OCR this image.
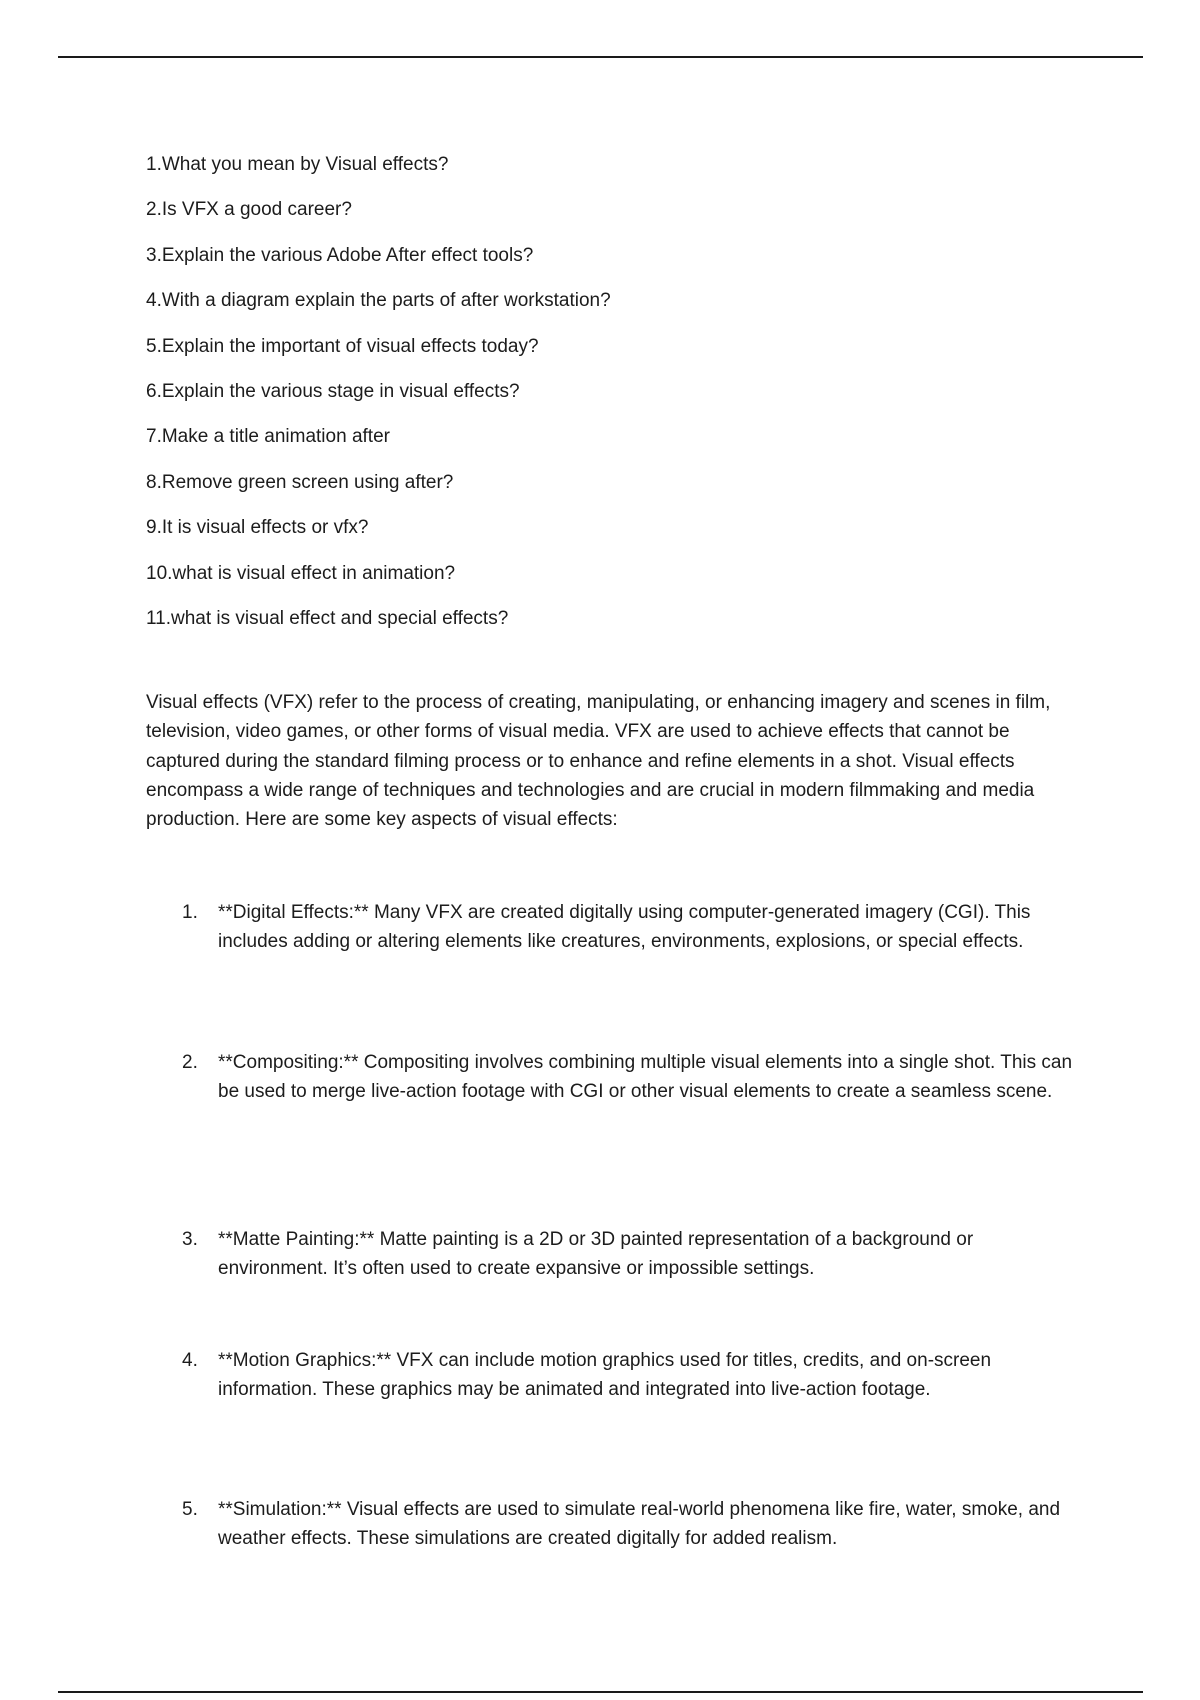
1.What you mean by Visual effects?
2.Is VFX a good career?
3.Explain the various Adobe After effect tools?
4.With a diagram explain the parts of after workstation?
5.Explain the important of visual effects today?
6.Explain the various stage in visual effects?
7.Make a title animation after
8.Remove green screen using after?
9.It is visual effects or vfx?
10.what is visual effect in animation?
11.what is visual effect and special effects?

Visual effects (VFX) refer to the process of creating, manipulating, or enhancing imagery and scenes in film, television, video games, or other forms of visual media. VFX are used to achieve effects that cannot be captured during the standard filming process or to enhance and refine elements in a shot. Visual effects encompass a wide range of techniques and technologies and are crucial in modern filmmaking and media production. Here are some key aspects of visual effects:

1. **Digital Effects:** Many VFX are created digitally using computer-generated imagery (CGI). This includes adding or altering elements like creatures, environments, explosions, or special effects.
2. **Compositing:** Compositing involves combining multiple visual elements into a single shot. This can be used to merge live-action footage with CGI or other visual elements to create a seamless scene.
3. **Matte Painting:** Matte painting is a 2D or 3D painted representation of a background or environment. It’s often used to create expansive or impossible settings.
4. **Motion Graphics:** VFX can include motion graphics used for titles, credits, and on-screen information. These graphics may be animated and integrated into live-action footage.
5. **Simulation:** Visual effects are used to simulate real-world phenomena like fire, water, smoke, and weather effects. These simulations are created digitally for added realism.
